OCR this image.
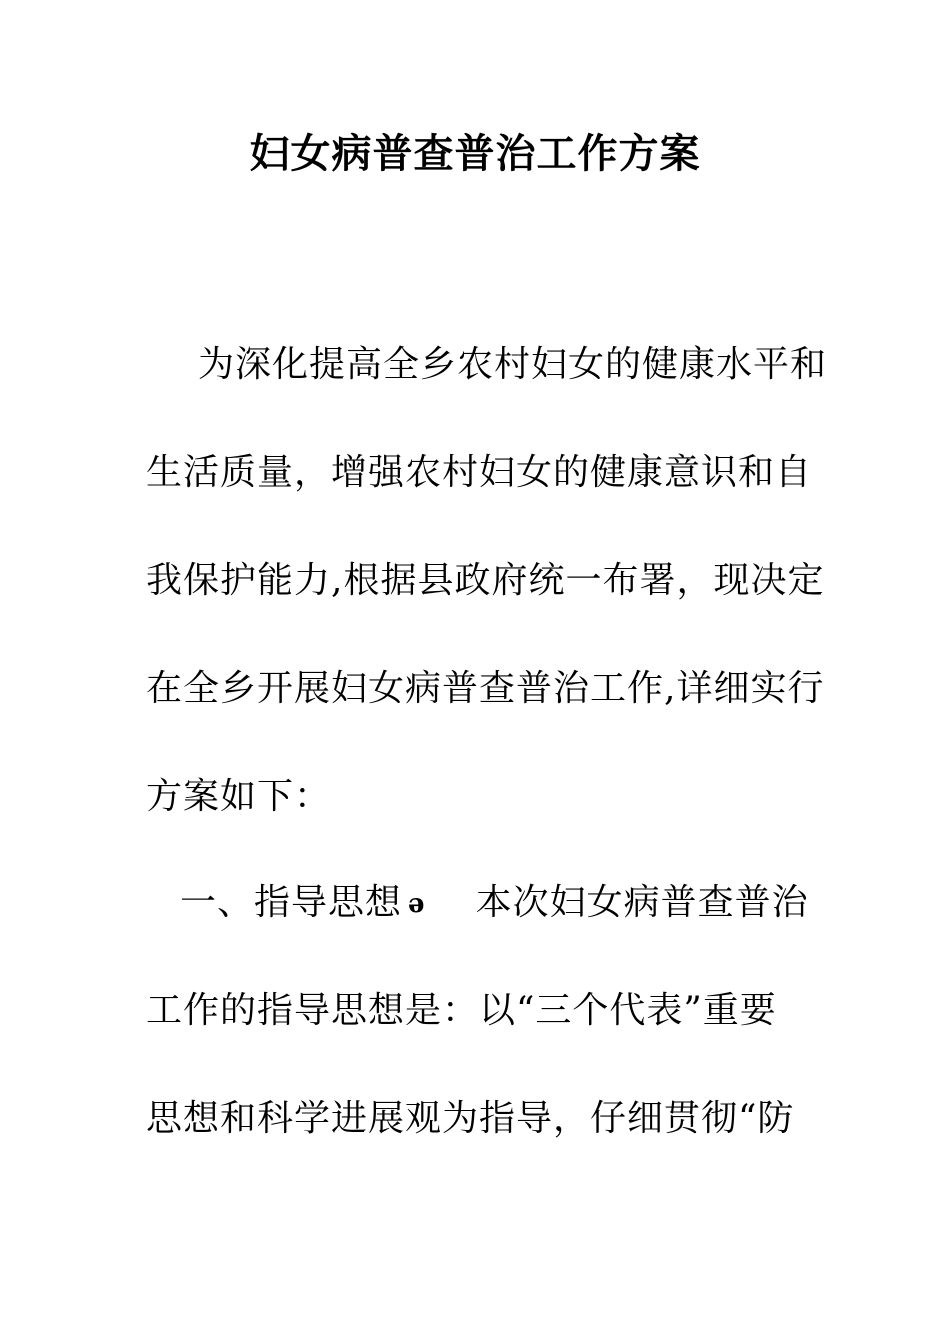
妇女病普查普治工作方案
为深化提高全乡农村妇女的健康水平和
生活质量，增强农村妇女的健康意识和自
我保护能力,根据县政府统一布署，现决定
在全乡开展妇女病普查普治工作,详细实行
方案如下：
一、指导思想 ə 本次妇女病普查普治
工作的指导思想是：以“三个代表”重要
思想和科学进展观为指导，仔细贯彻“防
